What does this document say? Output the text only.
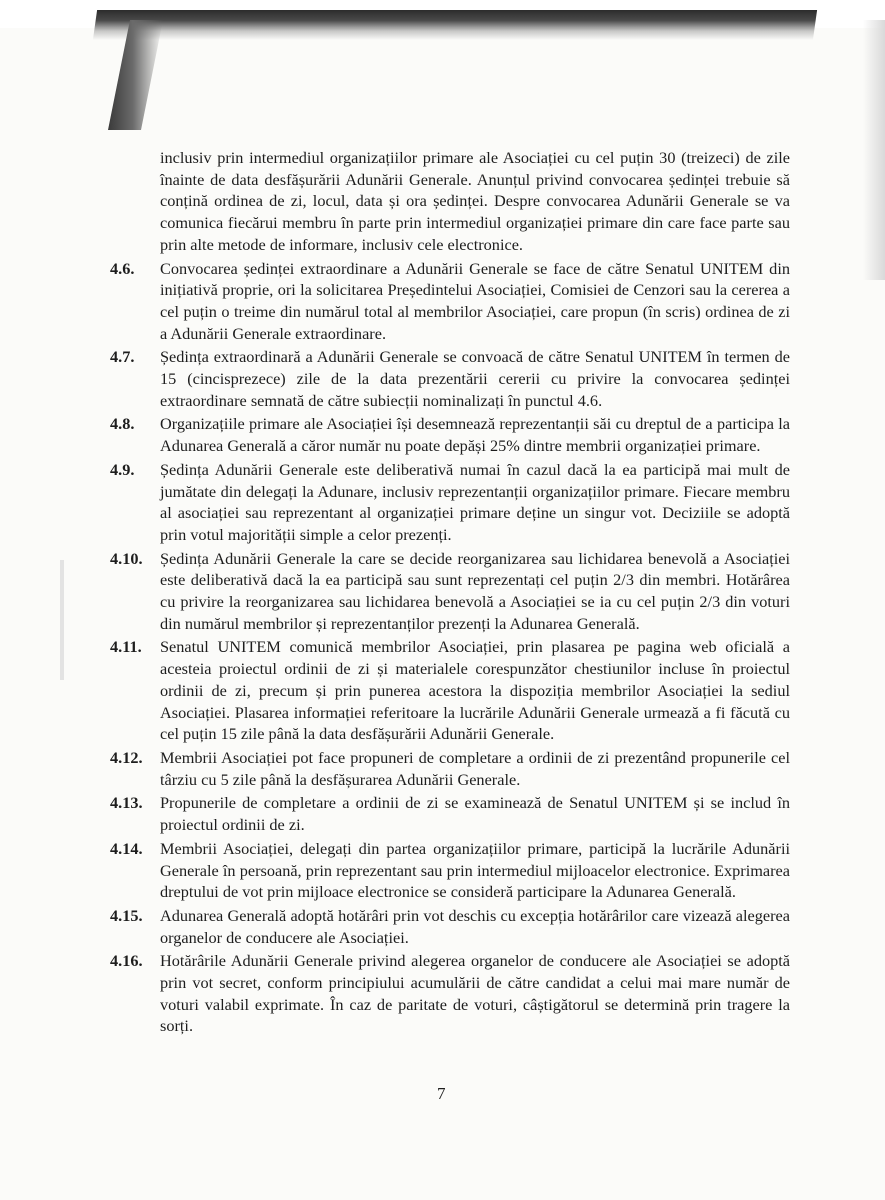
inclusiv prin intermediul organizațiilor primare ale Asociației cu cel puțin 30 (treizeci) de zile înainte de data desfășurării Adunării Generale. Anunțul privind convocarea ședinței trebuie să conțină ordinea de zi, locul, data și ora ședinței. Despre convocarea Adunării Generale se va comunica fiecărui membru în parte prin intermediul organizației primare din care face parte sau prin alte metode de informare, inclusiv cele electronice.

4.6.	Convocarea ședinței extraordinare a Adunării Generale se face de către Senatul UNITEM din inițiativă proprie, ori la solicitarea Președintelui Asociației, Comisiei de Cenzori sau la cererea a cel puțin o treime din numărul total al membrilor Asociației, care propun (în scris) ordinea de zi a Adunării Generale extraordinare.

4.7.	Ședința extraordinară a Adunării Generale se convoacă de către Senatul UNITEM în termen de 15 (cincisprezece) zile de la data prezentării cererii cu privire la convocarea ședinței extraordinare semnată de către subiecții nominalizați în punctul 4.6.

4.8.	Organizațiile primare ale Asociației își desemnează reprezentanții săi cu dreptul de a participa la Adunarea Generală a căror număr nu poate depăși 25% dintre membrii organizației primare.

4.9.	Ședința Adunării Generale este deliberativă numai în cazul dacă la ea participă mai mult de jumătate din delegați la Adunare, inclusiv reprezentanții organizațiilor primare. Fiecare membru al asociației sau reprezentant al organizației primare deține un singur vot. Deciziile se adoptă prin votul majorității simple a celor prezenți.

4.10.	Ședința Adunării Generale la care se decide reorganizarea sau lichidarea benevolă a Asociației este deliberativă dacă la ea participă sau sunt reprezentați cel puțin 2/3 din membri. Hotărârea cu privire la reorganizarea sau lichidarea benevolă a Asociației se ia cu cel puțin 2/3 din voturi din numărul membrilor și reprezentanților prezenți la Adunarea Generală.

4.11.	Senatul UNITEM comunică membrilor Asociației, prin plasarea pe pagina web oficială a acesteia proiectul ordinii de zi și materialele corespunzător chestiunilor incluse în proiectul ordinii de zi, precum și prin punerea acestora la dispoziția membrilor Asociației la sediul Asociației. Plasarea informației referitoare la lucrările Adunării Generale urmează a fi făcută cu cel puțin 15 zile până la data desfășurării Adunării Generale.

4.12.	Membrii Asociației pot face propuneri de completare a ordinii de zi prezentând propunerile cel târziu cu 5 zile până la desfășurarea Adunării Generale.

4.13.	Propunerile de completare a ordinii de zi se examinează de Senatul UNITEM și se includ în proiectul ordinii de zi.

4.14.	Membrii Asociației, delegați din partea organizațiilor primare, participă la lucrările Adunării Generale în persoană, prin reprezentant sau prin intermediul mijloacelor electronice. Exprimarea dreptului de vot prin mijloace electronice se consideră participare la Adunarea Generală.

4.15.	Adunarea Generală adoptă hotărâri prin vot deschis cu excepția hotărârilor care vizează alegerea organelor de conducere ale Asociației.

4.16.	Hotărârile Adunării Generale privind alegerea organelor de conducere ale Asociației se adoptă prin vot secret, conform principiului acumulării de către candidat a celui mai mare număr de voturi valabil exprimate. În caz de paritate de voturi, câștigătorul se determină prin tragere la sorți.

7
